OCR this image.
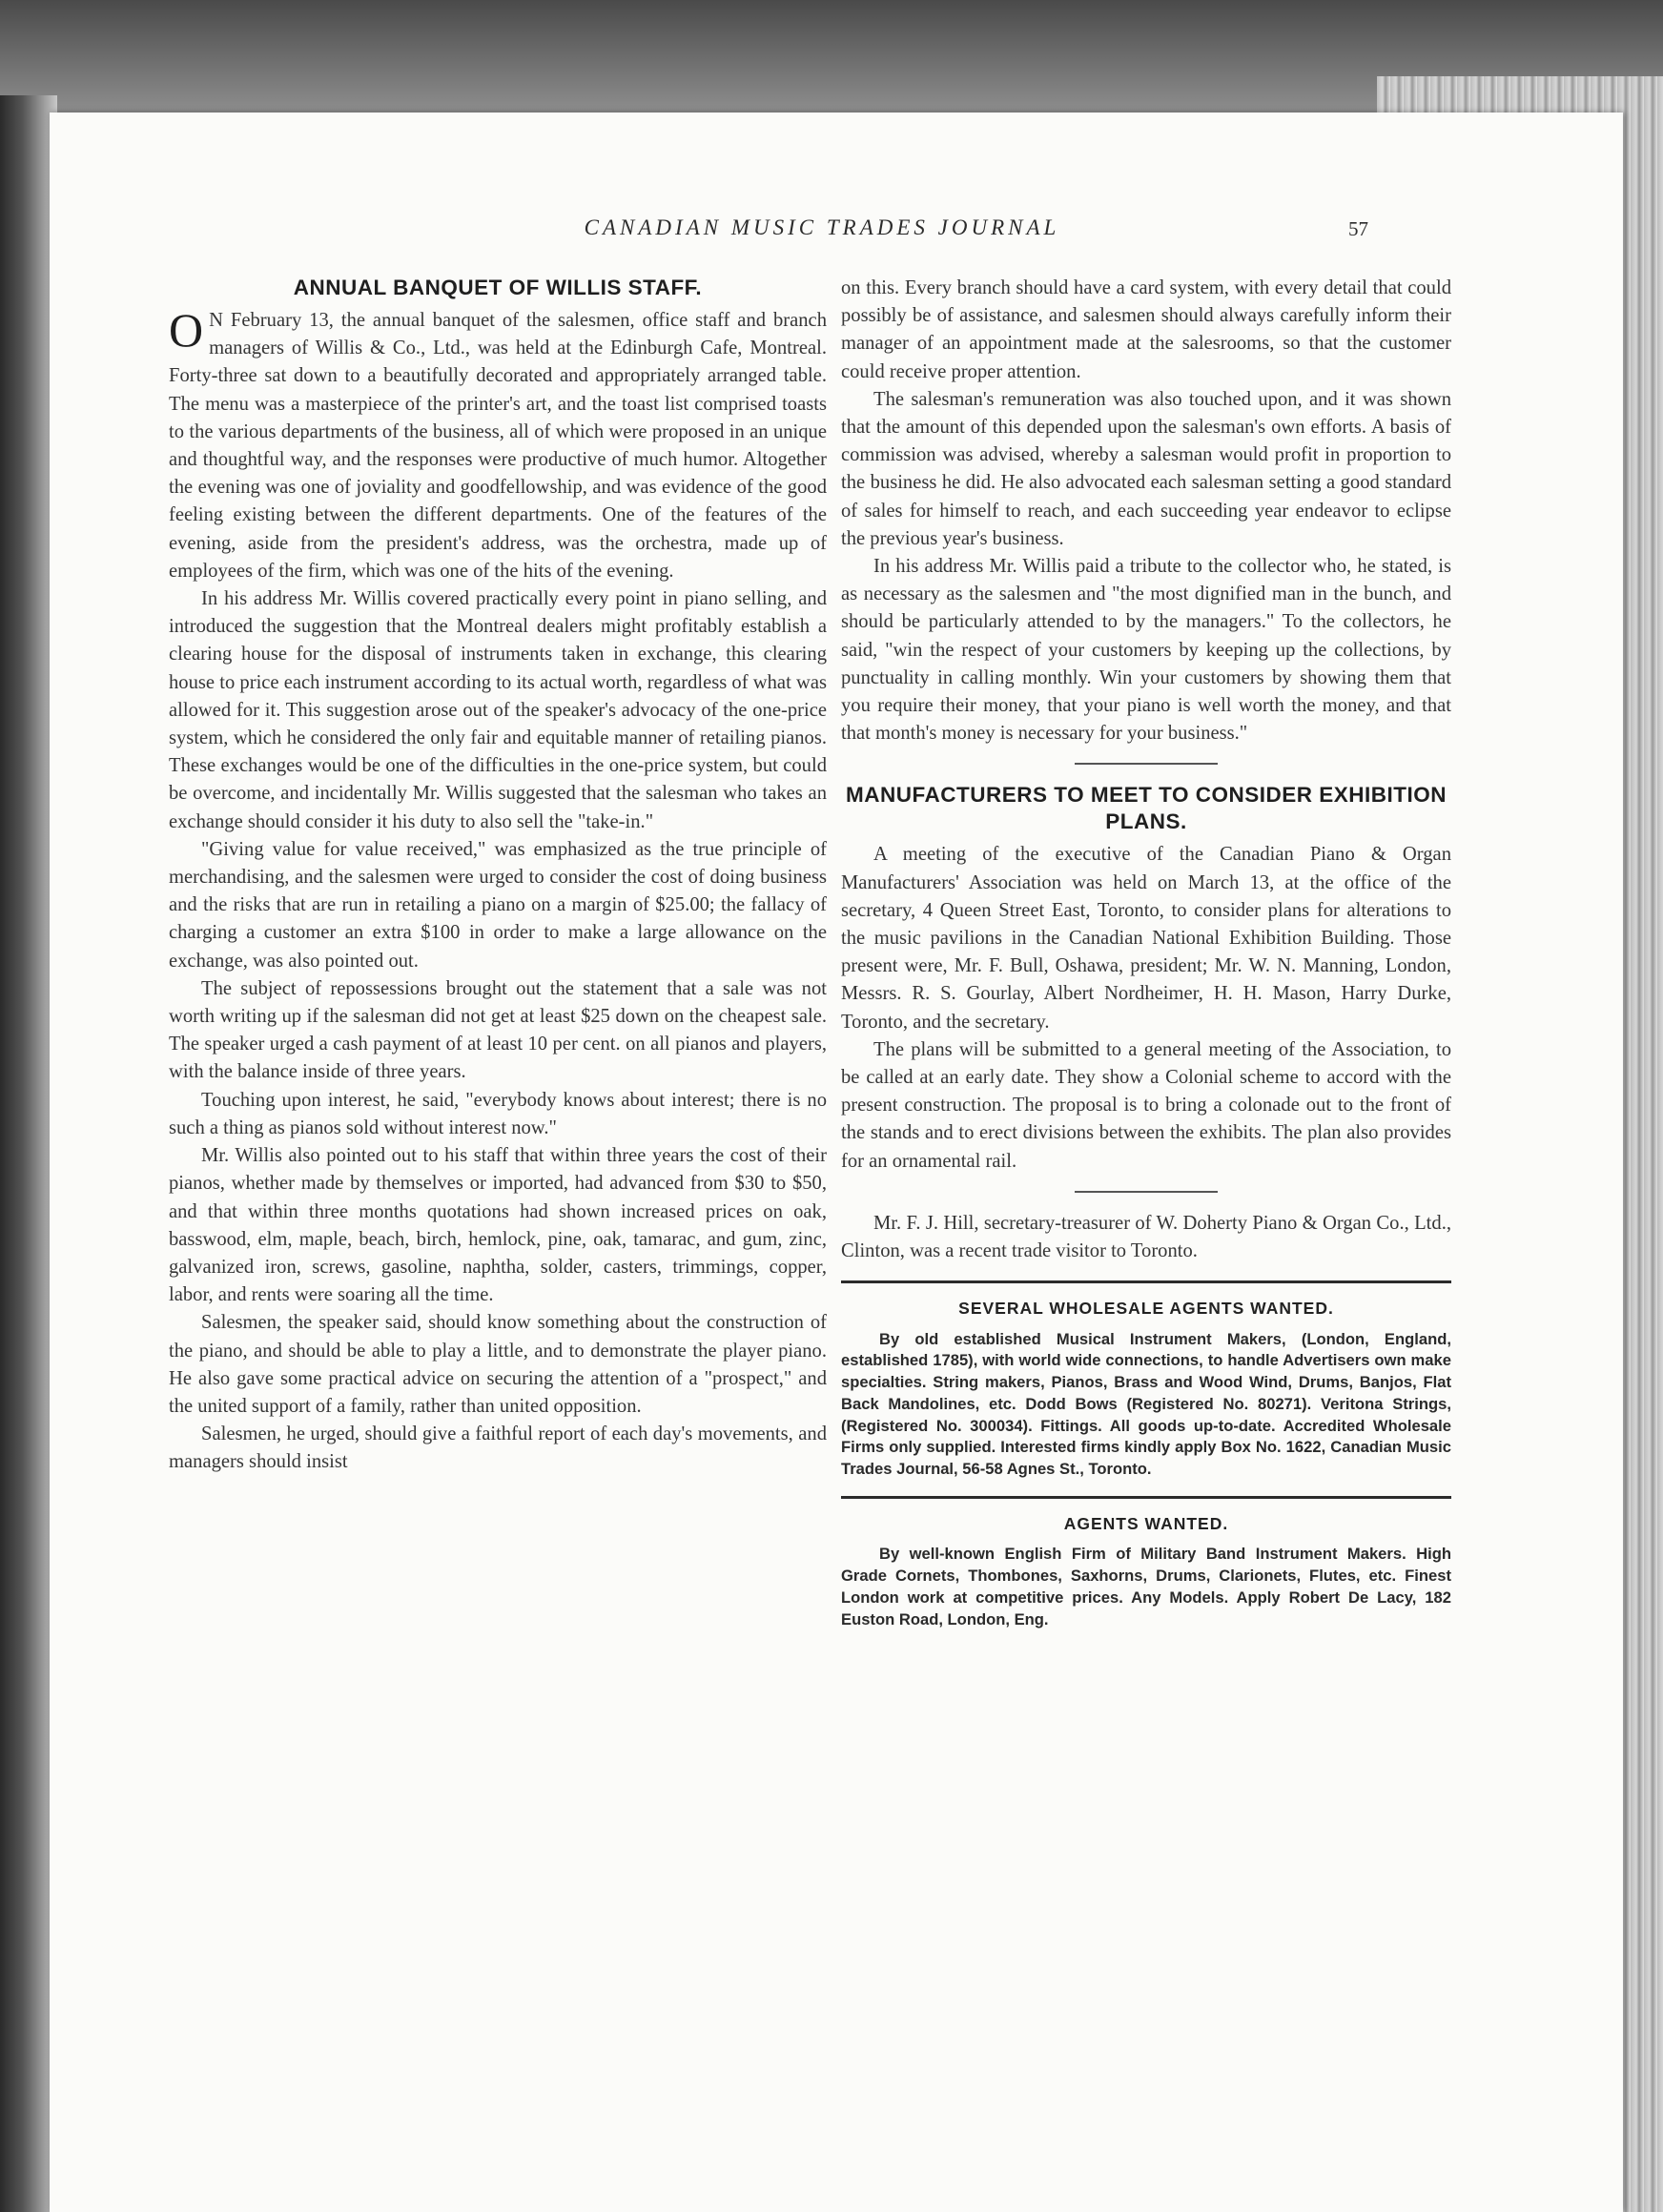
CANADIAN MUSIC TRADES JOURNAL	57
ANNUAL BANQUET OF WILLIS STAFF.

O N February 13, the annual banquet of the salesmen, office staff and branch managers of Willis & Co., Ltd., was held at the Edinburgh Cafe, Montreal. Forty-three sat down to a beautifully decorated and appropriately arranged table. The menu was a masterpiece of the printer's art, and the toast list comprised toasts to the various departments of the business, all of which were proposed in an unique and thoughtful way, and the responses were productive of much humor. Altogether the evening was one of joviality and goodfellowship, and was evidence of the good feeling existing between the different departments. One of the features of the evening, aside from the president's address, was the orchestra, made up of employees of the firm, which was one of the hits of the evening.

In his address Mr. Willis covered practically every point in piano selling, and introduced the suggestion that the Montreal dealers might profitably establish a clearing house for the disposal of instruments taken in exchange, this clearing house to price each instrument according to its actual worth, regardless of what was allowed for it. This suggestion arose out of the speaker's advocacy of the one-price system, which he considered the only fair and equitable manner of retailing pianos. These exchanges would be one of the difficulties in the one-price system, but could be overcome, and incidentally Mr. Willis suggested that the salesman who takes an exchange should consider it his duty to also sell the "take-in."

"Giving value for value received," was emphasized as the true principle of merchandising, and the salesmen were urged to consider the cost of doing business and the risks that are run in retailing a piano on a margin of $25.00; the fallacy of charging a customer an extra $100 in order to make a large allowance on the exchange, was also pointed out.

The subject of repossessions brought out the statement that a sale was not worth writing up if the salesman did not get at least $25 down on the cheapest sale. The speaker urged a cash payment of at least 10 per cent. on all pianos and players, with the balance inside of three years.

Touching upon interest, he said, "everybody knows about interest; there is no such a thing as pianos sold without interest now."

Mr. Willis also pointed out to his staff that within three years the cost of their pianos, whether made by themselves or imported, had advanced from $30 to $50, and that within three months quotations had shown increased prices on oak, basswood, elm, maple, beach, birch, hemlock, pine, oak, tamarac, and gum, zinc, galvanized iron, screws, gasoline, naphtha, solder, casters, trimmings, copper, labor, and rents were soaring all the time.

Salesmen, the speaker said, should know something about the construction of the piano, and should be able to play a little, and to demonstrate the player piano. He also gave some practical advice on securing the attention of a "prospect," and the united support of a family, rather than united opposition.

Salesmen, he urged, should give a faithful report of each day's movements, and managers should insist

on this. Every branch should have a card system, with every detail that could possibly be of assistance, and salesmen should always carefully inform their manager of an appointment made at the salesrooms, so that the customer could receive proper attention.

The salesman's remuneration was also touched upon, and it was shown that the amount of this depended upon the salesman's own efforts. A basis of commission was advised, whereby a salesman would profit in proportion to the business he did. He also advocated each salesman setting a good standard of sales for himself to reach, and each succeeding year endeavor to eclipse the previous year's business.

In his address Mr. Willis paid a tribute to the collector who, he stated, is as necessary as the salesmen and "the most dignified man in the bunch, and should be particularly attended to by the managers." To the collectors, he said, "win the respect of your customers by keeping up the collections, by punctuality in calling monthly. Win your customers by showing them that you require their money, that your piano is well worth the money, and that that month's money is necessary for your business."

MANUFACTURERS TO MEET TO CONSIDER EXHIBITION PLANS.

A meeting of the executive of the Canadian Piano & Organ Manufacturers' Association was held on March 13, at the office of the secretary, 4 Queen Street East, Toronto, to consider plans for alterations to the music pavilions in the Canadian National Exhibition Building. Those present were, Mr. F. Bull, Oshawa, president; Mr. W. N. Manning, London, Messrs. R. S. Gourlay, Albert Nordheimer, H. H. Mason, Harry Durke, Toronto, and the secretary.

The plans will be submitted to a general meeting of the Association, to be called at an early date. They show a Colonial scheme to accord with the present construction. The proposal is to bring a colonade out to the front of the stands and to erect divisions between the exhibits. The plan also provides for an ornamental rail.

Mr. F. J. Hill, secretary-treasurer of W. Doherty Piano & Organ Co., Ltd., Clinton, was a recent trade visitor to Toronto.

SEVERAL WHOLESALE AGENTS WANTED.
By old established Musical Instrument Makers, (London, England, established 1785), with world wide connections, to handle Advertisers own make specialties. String makers, Pianos, Brass and Wood Wind, Drums, Banjos, Flat Back Mandolines, etc. Dodd Bows (Registered No. 80271). Veritona Strings, (Registered No. 300034). Fittings. All goods up-to-date. Accredited Wholesale Firms only supplied. Interested firms kindly apply Box No. 1622, Canadian Music Trades Journal, 56-58 Agnes St., Toronto.
AGENTS WANTED.
By well-known English Firm of Military Band Instrument Makers. High Grade Cornets, Thombones, Saxhorns, Drums, Clarionets, Flutes, etc. Finest London work at competitive prices. Any Models. Apply Robert De Lacy, 182 Euston Road, London, Eng.
